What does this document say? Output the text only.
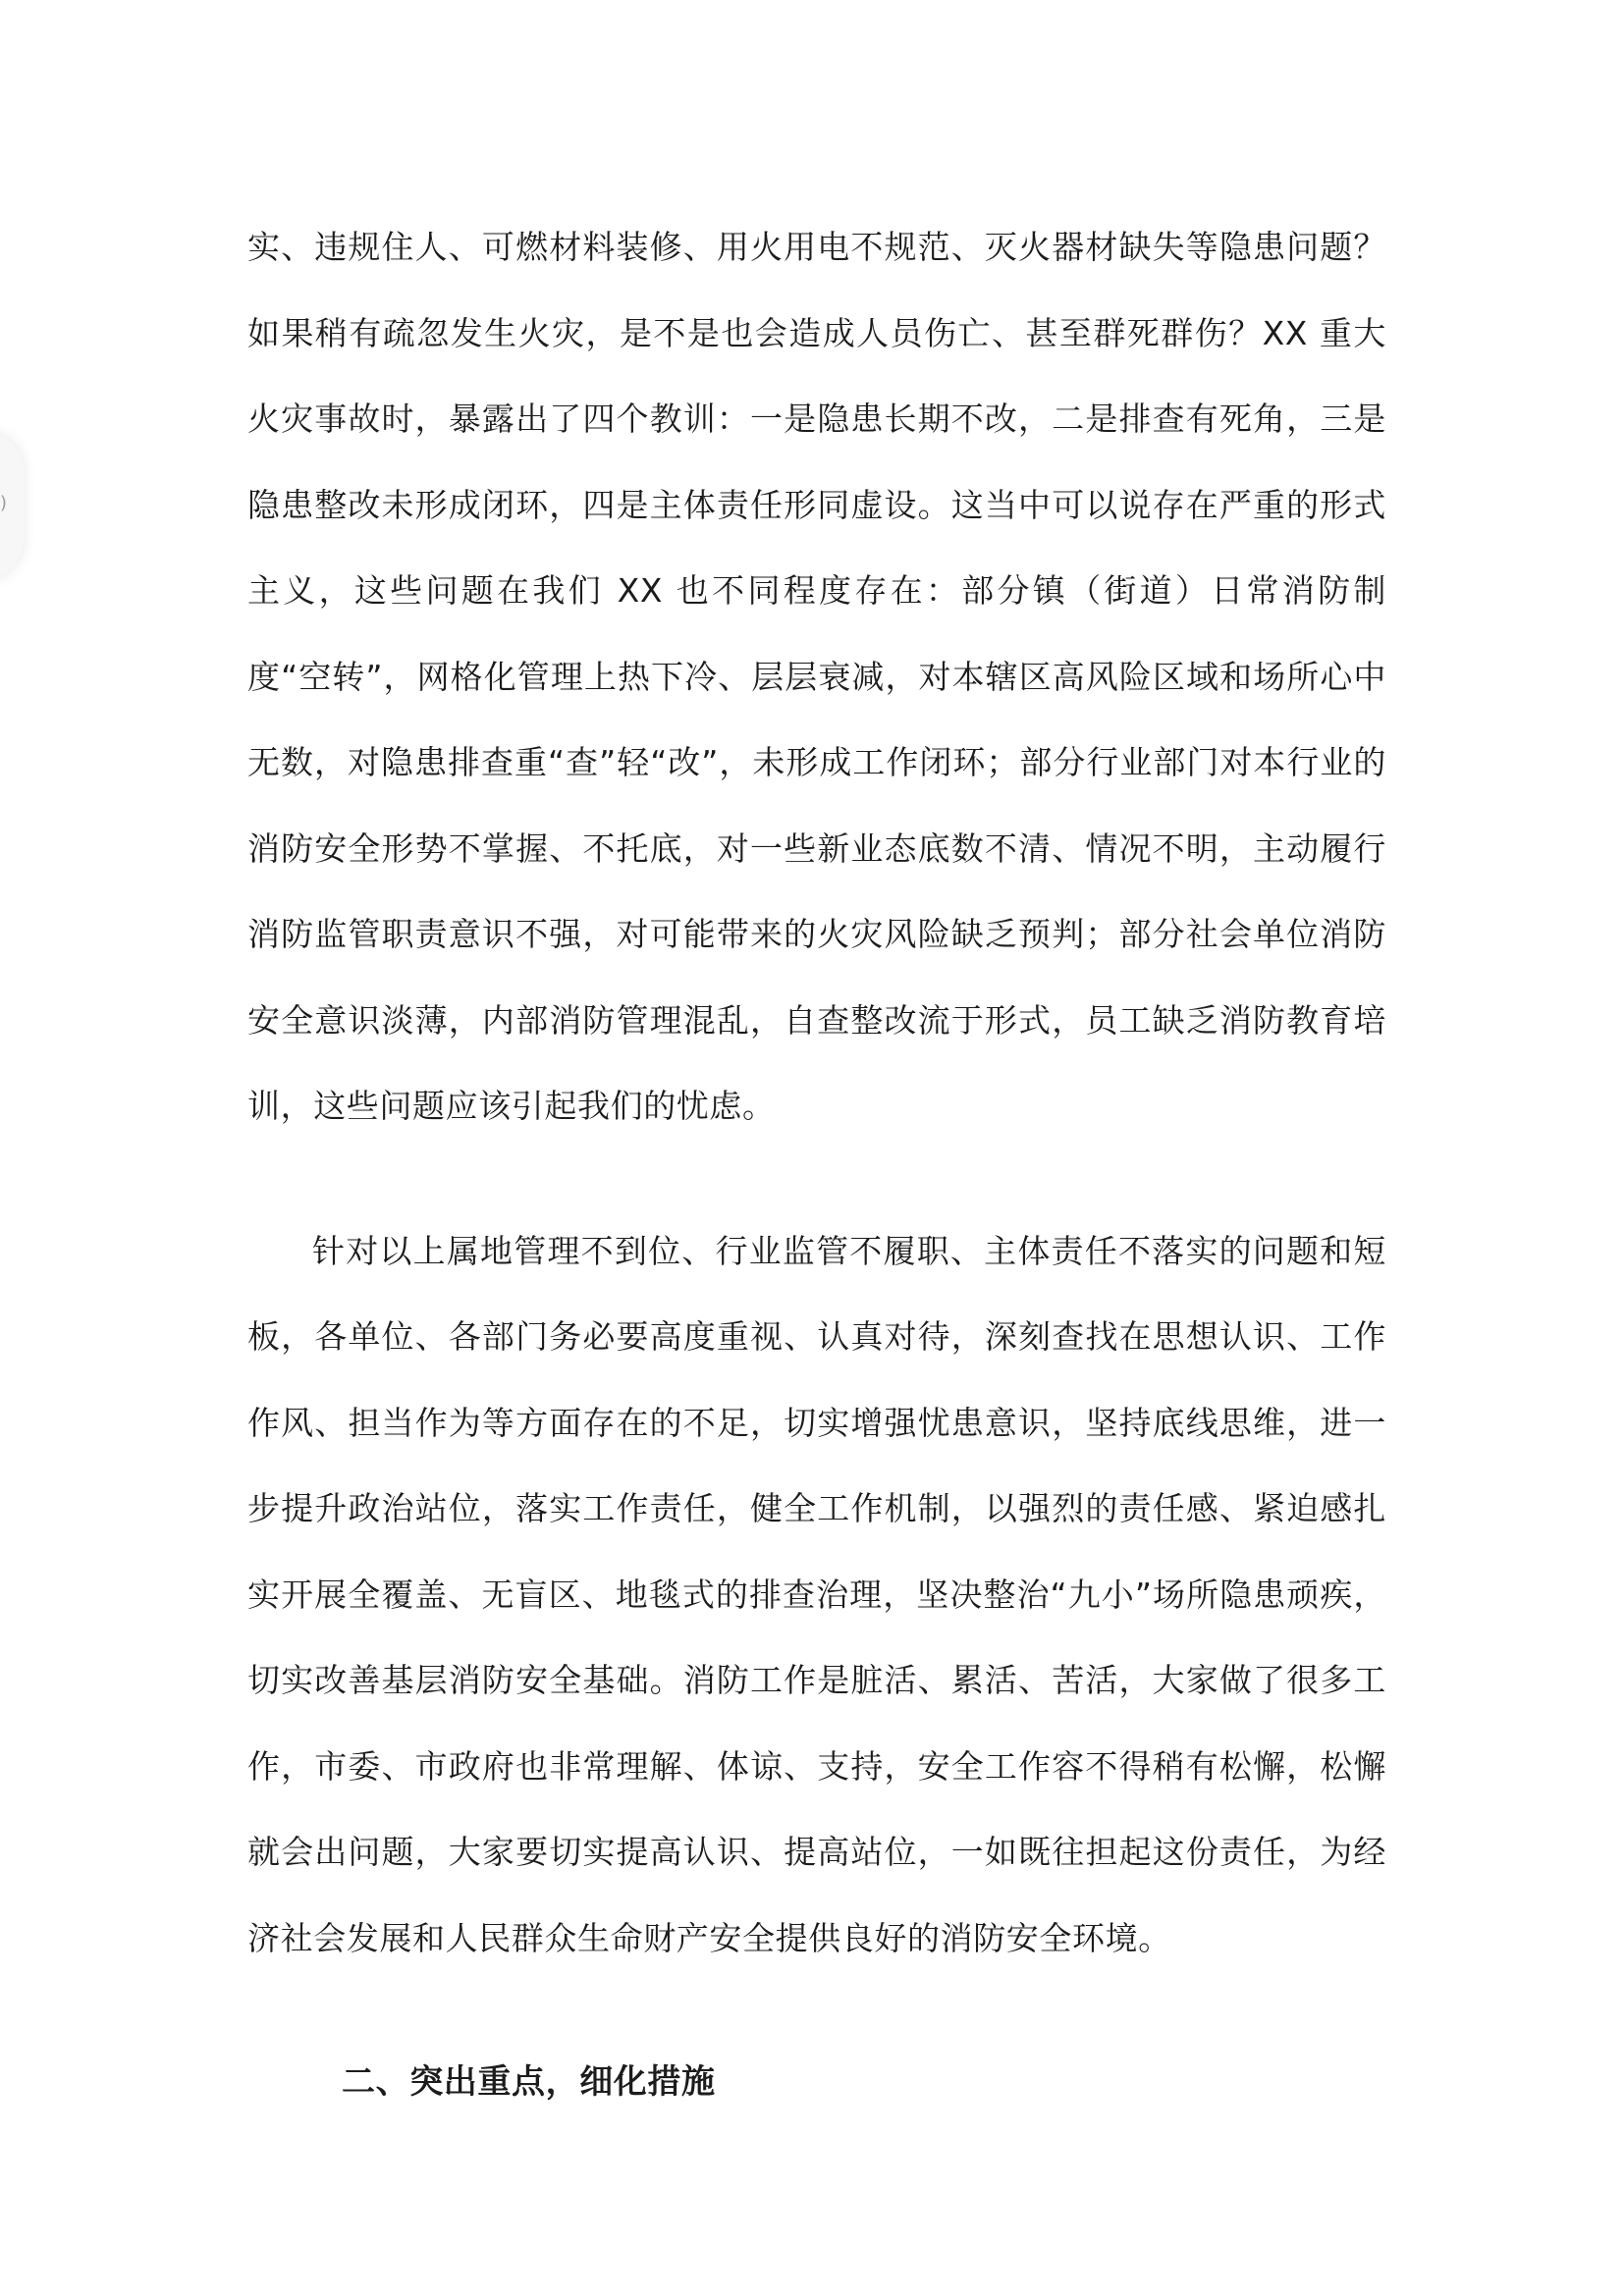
)

实、违规住人、可燃材料装修、用火用电不规范、灭火器材缺失等隐患问题？如果稍有疏忽发生火灾，是不是也会造成人员伤亡、甚至群死群伤？XX 重大火灾事故时，暴露出了四个教训：一是隐患长期不改，二是排查有死角，三是隐患整改未形成闭环，四是主体责任形同虚设。这当中可以说存在严重的形式主义，这些问题在我们 XX 也不同程度存在：部分镇（街道）日常消防制度“空转”，网格化管理上热下冷、层层衰减，对本辖区高风险区域和场所心中无数，对隐患排查重“查”轻“改”，未形成工作闭环；部分行业部门对本行业的消防安全形势不掌握、不托底，对一些新业态底数不清、情况不明，主动履行消防监管职责意识不强，对可能带来的火灾风险缺乏预判；部分社会单位消防安全意识淡薄，内部消防管理混乱，自查整改流于形式，员工缺乏消防教育培训，这些问题应该引起我们的忧虑。

针对以上属地管理不到位、行业监管不履职、主体责任不落实的问题和短板，各单位、各部门务必要高度重视、认真对待，深刻查找在思想认识、工作作风、担当作为等方面存在的不足，切实增强忧患意识，坚持底线思维，进一步提升政治站位，落实工作责任，健全工作机制，以强烈的责任感、紧迫感扎实开展全覆盖、无盲区、地毯式的排查治理，坚决整治“九小”场所隐患顽疾，切实改善基层消防安全基础。消防工作是脏活、累活、苦活，大家做了很多工作，市委、市政府也非常理解、体谅、支持，安全工作容不得稍有松懈，松懈就会出问题，大家要切实提高认识、提高站位，一如既往担起这份责任，为经济社会发展和人民群众生命财产安全提供良好的消防安全环境。

二、突出重点，细化措施
